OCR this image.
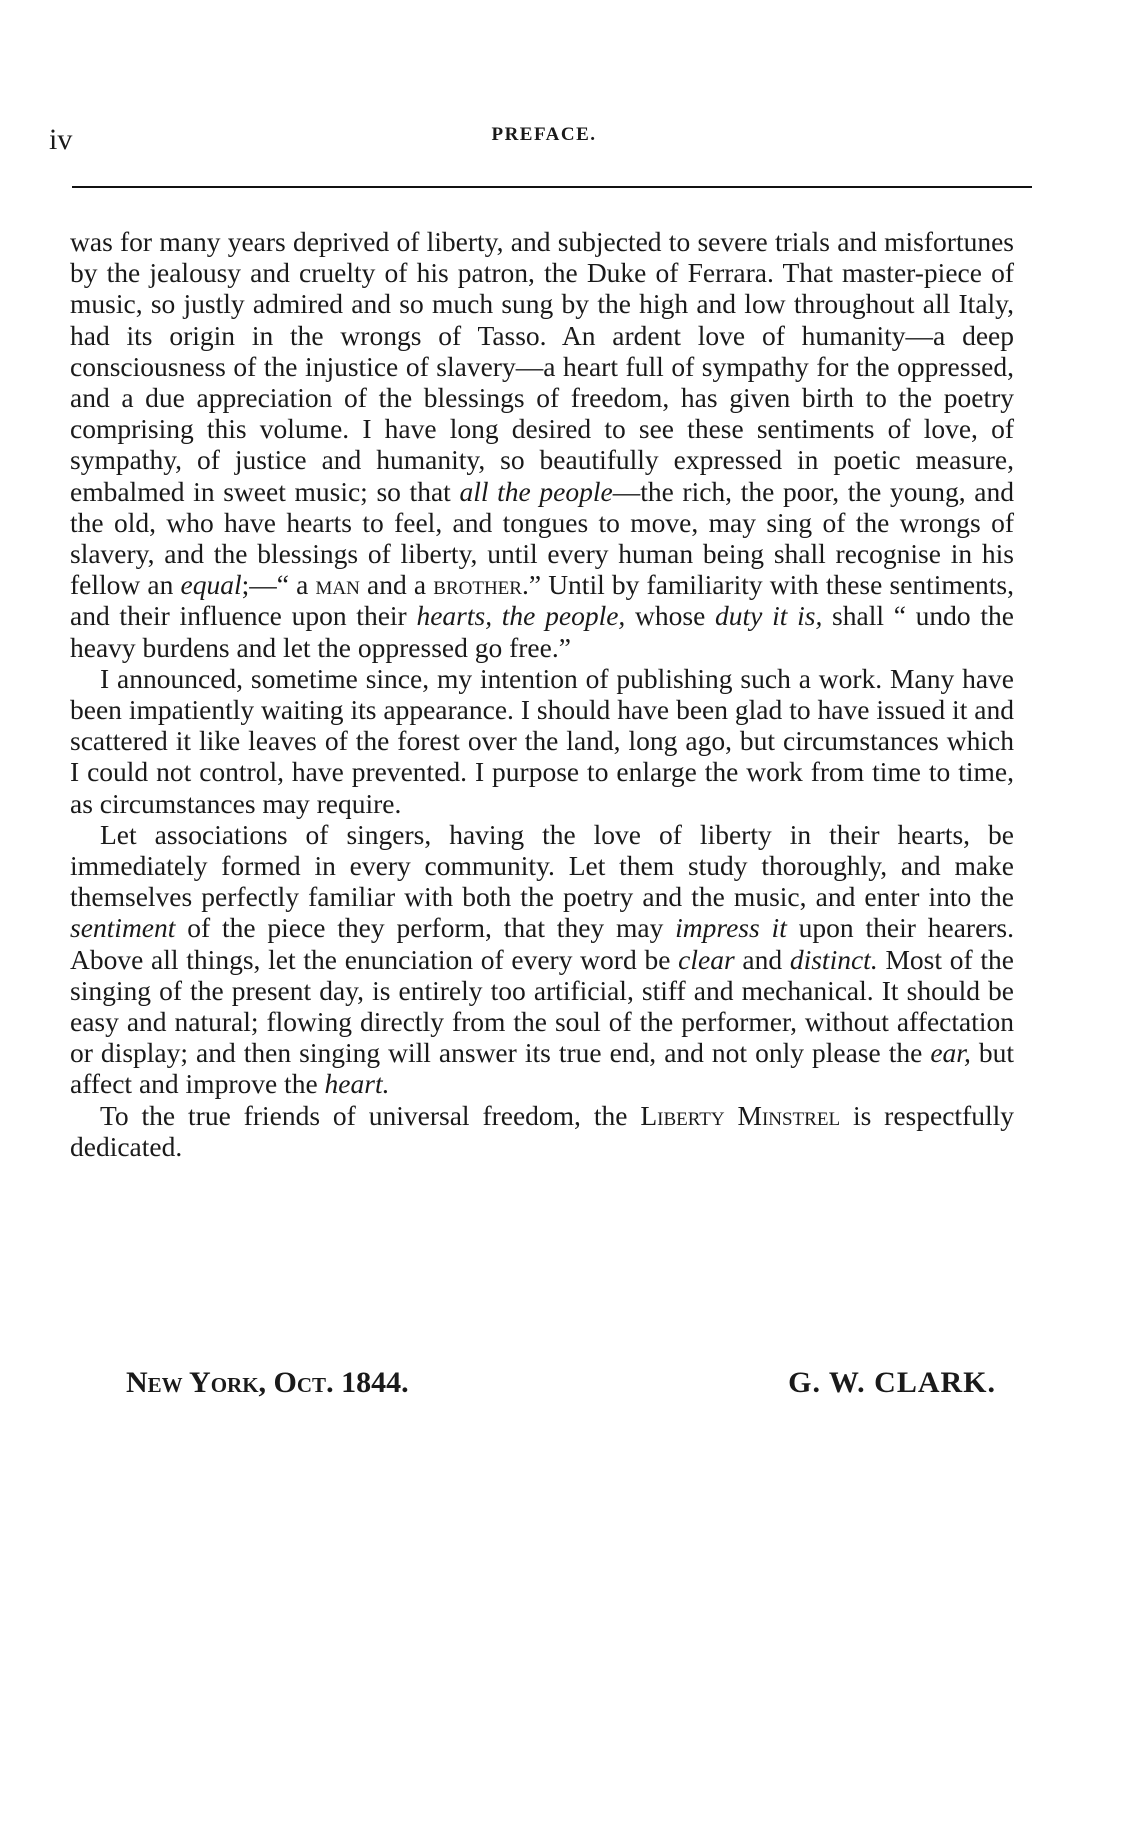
iv	PREFACE.

was for many years deprived of liberty, and subjected to severe trials and misfortunes by the jealousy and cruelty of his patron, the Duke of Ferrara. That master-piece of music, so justly admired and so much sung by the high and low throughout all Italy, had its origin in the wrongs of Tasso. An ardent love of humanity—a deep consciousness of the injustice of slavery—a heart full of sympathy for the oppressed, and a due appreciation of the blessings of freedom, has given birth to the poetry comprising this volume. I have long desired to see these sentiments of love, of sympathy, of justice and humanity, so beautifully expressed in poetic measure, embalmed in sweet music; so that all the people—the rich, the poor, the young, and the old, who have hearts to feel, and tongues to move, may sing of the wrongs of slavery, and the blessings of liberty, until every human being shall recognise in his fellow an equal;—“ a man and a brother.” Until by familiarity with these sentiments, and their influence upon their hearts, the people, whose duty it is, shall “ undo the heavy burdens and let the oppressed go free.”

I announced, sometime since, my intention of publishing such a work. Many have been impatiently waiting its appearance. I should have been glad to have issued it and scattered it like leaves of the forest over the land, long ago, but circumstances which I could not control, have prevented. I purpose to enlarge the work from time to time, as circumstances may require.

Let associations of singers, having the love of liberty in their hearts, be immediately formed in every community. Let them study thoroughly, and make themselves perfectly familiar with both the poetry and the music, and enter into the sentiment of the piece they perform, that they may impress it upon their hearers. Above all things, let the enunciation of every word be clear and distinct. Most of the singing of the present day, is entirely too artificial, stiff and mechanical. It should be easy and natural; flowing directly from the soul of the performer, without affectation or display; and then singing will answer its true end, and not only please the ear, but affect and improve the heart.

To the true friends of universal freedom, the Liberty Minstrel is respectfully dedicated.

New York, Oct. 1844.	G. W. CLARK.
